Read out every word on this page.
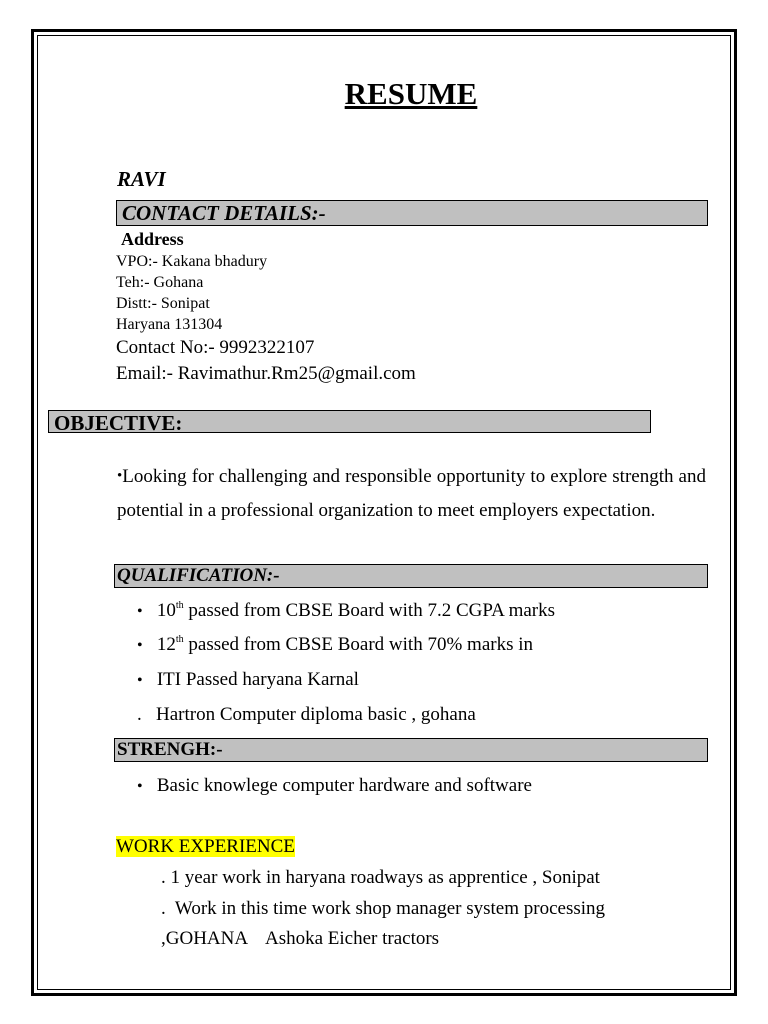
RESUME
RAVI
CONTACT DETAILS:-
Address
VPO:- Kakana bhadury
Teh:- Gohana
Distt:- Sonipat
Haryana 131304
Contact No:- 9992322107
Email:- Ravimathur.Rm25@gmail.com
OBJECTIVE:
•Looking for challenging and responsible opportunity to explore strength and potential in a professional organization to meet employers expectation.
QUALIFICATION:-
• 10th passed from CBSE Board with 7.2 CGPA marks
• 12th passed from CBSE Board with 70% marks in
• ITI Passed haryana Karnal
.   Hartron Computer diploma basic , gohana
STRENGH:-
• Basic knowlege computer hardware and software
WORK EXPERIENCE
. 1 year work in haryana roadways as apprentice , Sonipat
.  Work in this time work shop manager system processing
,GOHANA    Ashoka Eicher tractors
